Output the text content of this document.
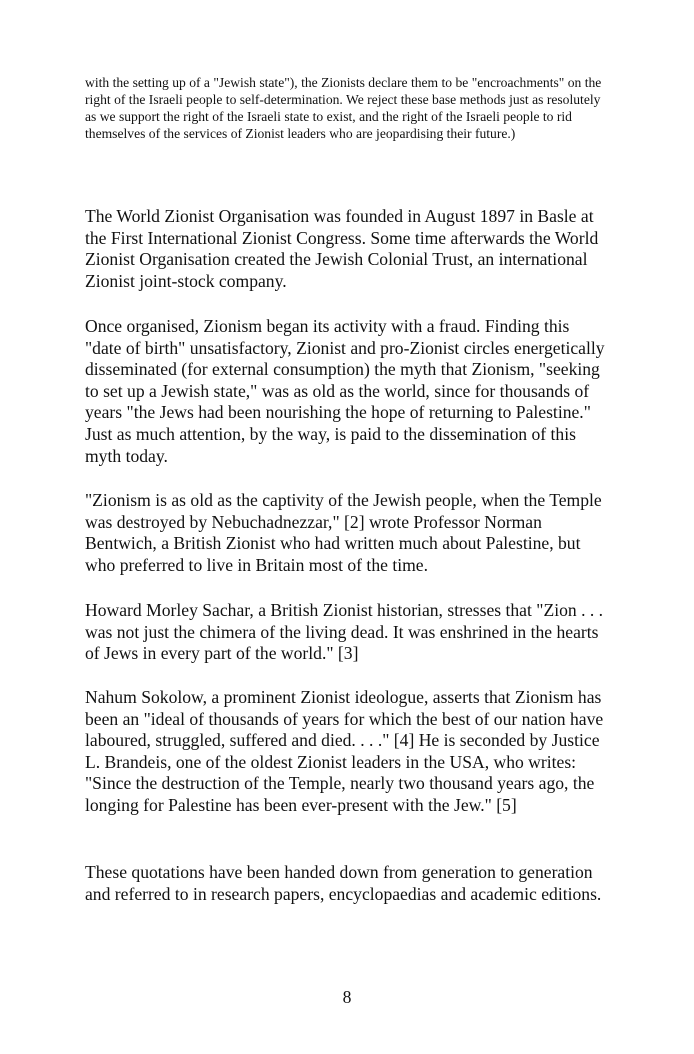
with the setting up of a "Jewish state"), the Zionists declare them to be "encroachments" on the right of the Israeli people to self-determination. We reject these base methods just as resolutely as we support the right of the Israeli state to exist, and the right of the Israeli people to rid themselves of the services of Zionist leaders who are jeopardising their future.)

The World Zionist Organisation was founded in August 1897 in Basle at the First International Zionist Congress. Some time afterwards the World Zionist Organisation created the Jewish Colonial Trust, an international Zionist joint-stock company.

Once organised, Zionism began its activity with a fraud. Finding this "date of birth" unsatisfactory, Zionist and pro-Zionist circles energetically disseminated (for external consumption) the myth that Zionism, "seeking to set up a Jewish state," was as old as the world, since for thousands of years "the Jews had been nourishing the hope of returning to Palestine." Just as much attention, by the way, is paid to the dissemination of this myth today.

"Zionism is as old as the captivity of the Jewish people, when the Temple was destroyed by Nebuchadnezzar," [2] wrote Professor Norman Bentwich, a British Zionist who had written much about Palestine, but who preferred to live in Britain most of the time.

Howard Morley Sachar, a British Zionist historian, stresses that "Zion . . . was not just the chimera of the living dead. It was enshrined in the hearts of Jews in every part of the world." [3]

Nahum Sokolow, a prominent Zionist ideologue, asserts that Zionism has been an "ideal of thousands of years for which the best of our nation have laboured, struggled, suffered and died. . . ." [4] He is seconded by Justice L. Brandeis, one of the oldest Zionist leaders in the USA, who writes: "Since the destruction of the Temple, nearly two thousand years ago, the longing for Palestine has been ever-present with the Jew." [5]

These quotations have been handed down from generation to generation and referred to in research papers, encyclopaedias and academic editions.

8
